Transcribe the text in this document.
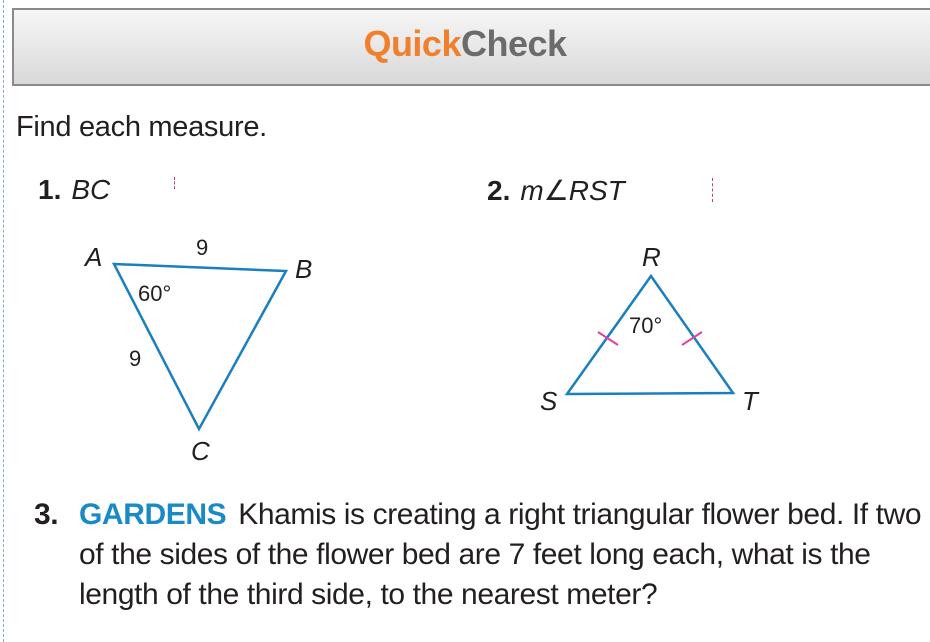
QuickCheck
Find each measure.
1. BC	2. m∠RST
A	B
C
9
9
60°
R
S	T
70°
3. GARDENS Khamis is creating a right triangular flower bed. If two of the sides of the flower bed are 7 feet long each, what is the length of the third side, to the nearest meter?
